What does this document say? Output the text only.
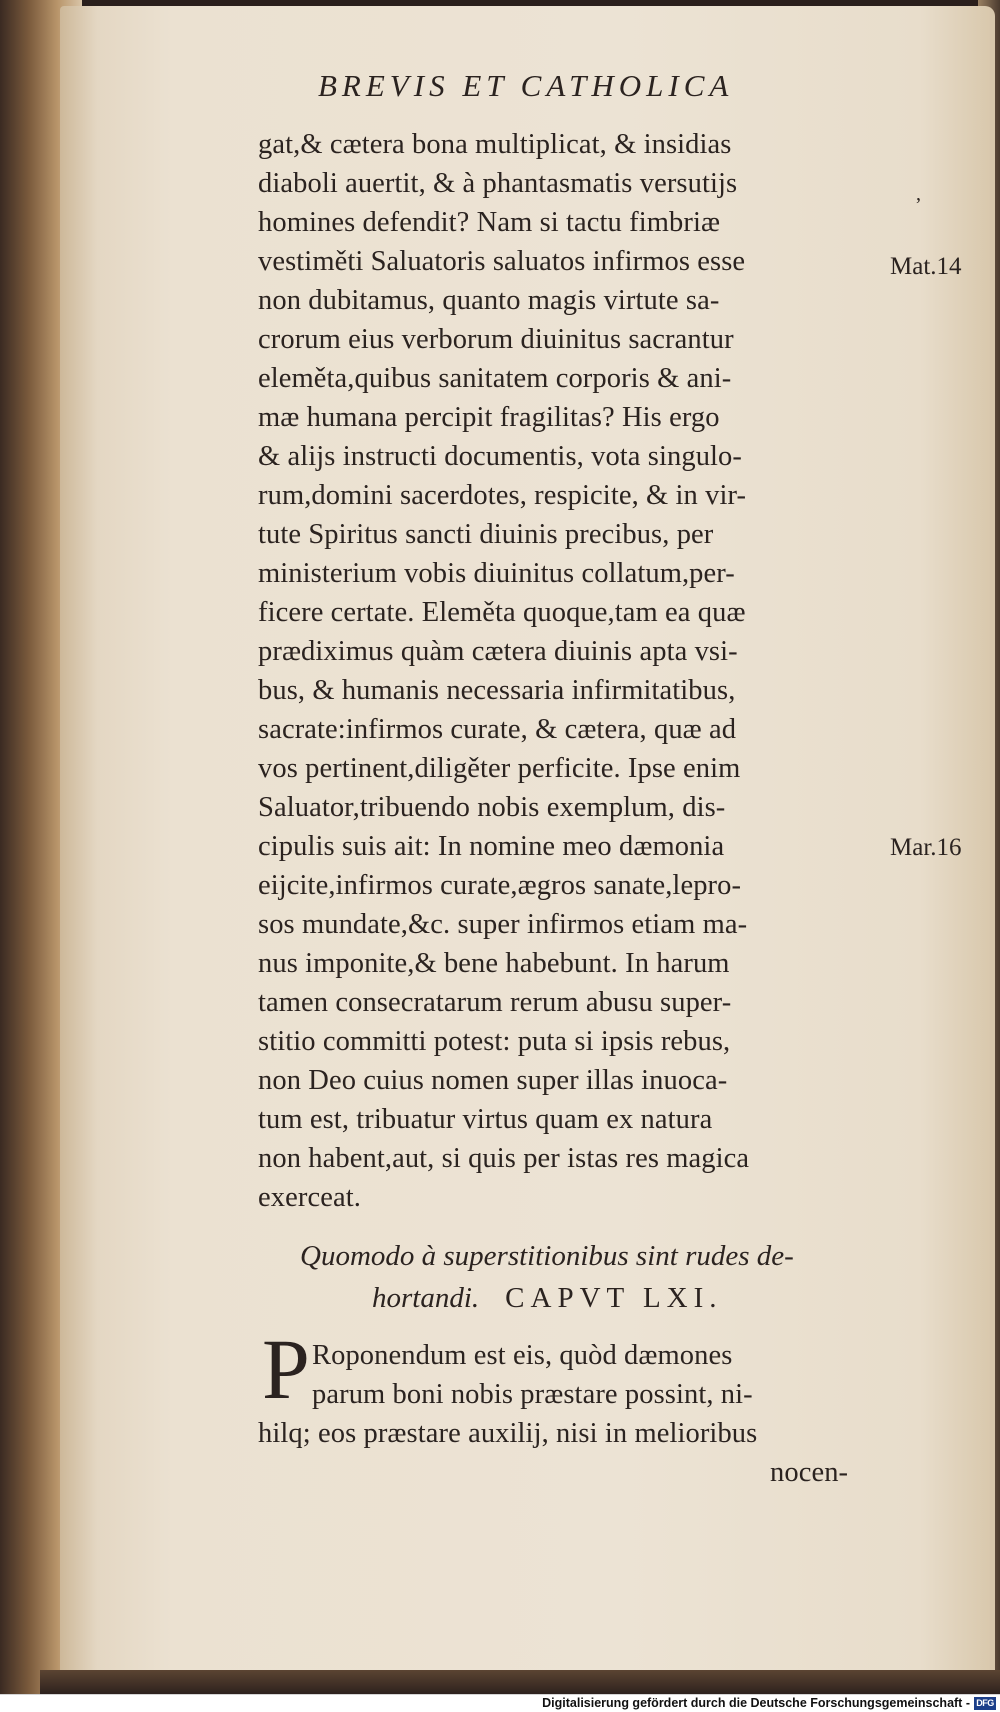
BREVIS ET CATHOLICA
gat,& cætera bona multiplicat, & insidias
diaboli auertit, & à phantasmatis versutijs
homines defendit? Nam si tactu fimbriæ
vestiměti Saluatoris saluatos infirmos esse
non dubitamus, quanto magis virtute sa-
crorum eius verborum diuinitus sacrantur
eleměta,quibus sanitatem corporis & ani-
mæ humana percipit fragilitas? His ergo
& alijs instructi documentis, vota singulo-
rum,domini sacerdotes, respicite, & in vir-
tute Spiritus sancti diuinis precibus, per
ministerium vobis diuinitus collatum,per-
ficere certate. Eleměta quoque,tam ea quæ
prædiximus quàm cætera diuinis apta vsi-
bus, & humanis necessaria infirmitatibus,
sacrate:infirmos curate, & cætera, quæ ad
vos pertinent,diligěter perficite. Ipse enim
Saluator,tribuendo nobis exemplum, dis-
cipulis suis ait: In nomine meo dæmonia
eijcite,infirmos curate,ægros sanate,lepro-
sos mundate,&c. super infirmos etiam ma-
nus imponite,& bene habebunt. In harum
tamen consecratarum rerum abusu super-
stitio committi potest: puta si ipsis rebus,
non Deo cuius nomen super illas inuoca-
tum est, tribuatur virtus quam ex natura
non habent,aut, si quis per istas res magica
exerceat.
Mat.14
Mar.16
,
Quomodo à superstitionibus sint rudes de-
hortandi. CAPVT LXI.
P Roponendum est eis, quòd dæmones
parum boni nobis præstare possint, ni-
hilq; eos præstare auxilij, nisi in melioribus
nocen-
Digitalisierung gefördert durch die Deutsche Forschungsgemeinschaft - DFG
